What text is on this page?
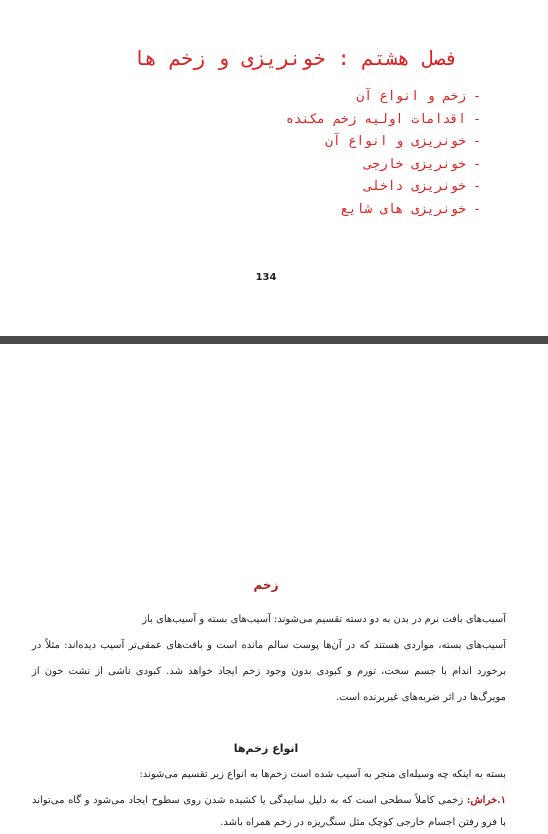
فصل هشتم : خونریزی و زخم ها
-زخم و انواع آن
-اقدامات اولیه زخم مکنده
-خونریزی و انواع آن
-خونریزی خارجی
-خونریزی داخلی
-خونریزی های شایع
134
زخم

آسیب‌های بافت نرم در بدن به دو دسته تقسیم می‌شوند: آسیب‌های بسته و آسیب‌های باز

آسیب‌های بسته، مواردی هستند که در آن‌ها پوست سالم مانده است و بافت‌های عمقی‌تر آسیب دیده‌اند: مثلاً در برخورد اندام با جسم سخت، تورم و کبودی بدون وجود زخم ایجاد خواهد شد. کبودی ناشی از نشت خون از مویرگ‌ها در اثر ضربه‌های غیربرنده است.

انواع زخم‌ها

بسته به اینکه چه وسیله‌ای منجر به آسیب شده است زخم‌ها به انواع زیر تقسیم می‌شوند:

۱.خراش: زخمی کاملاً سطحی است که به دلیل سابیدگی یا کشیده شدن روی سطوح ایجاد می‌شود و گاه می‌تواند با فرو رفتن اجسام خارجی کوچک مثل سنگ‌ریزه در زخم همراه باشد.
